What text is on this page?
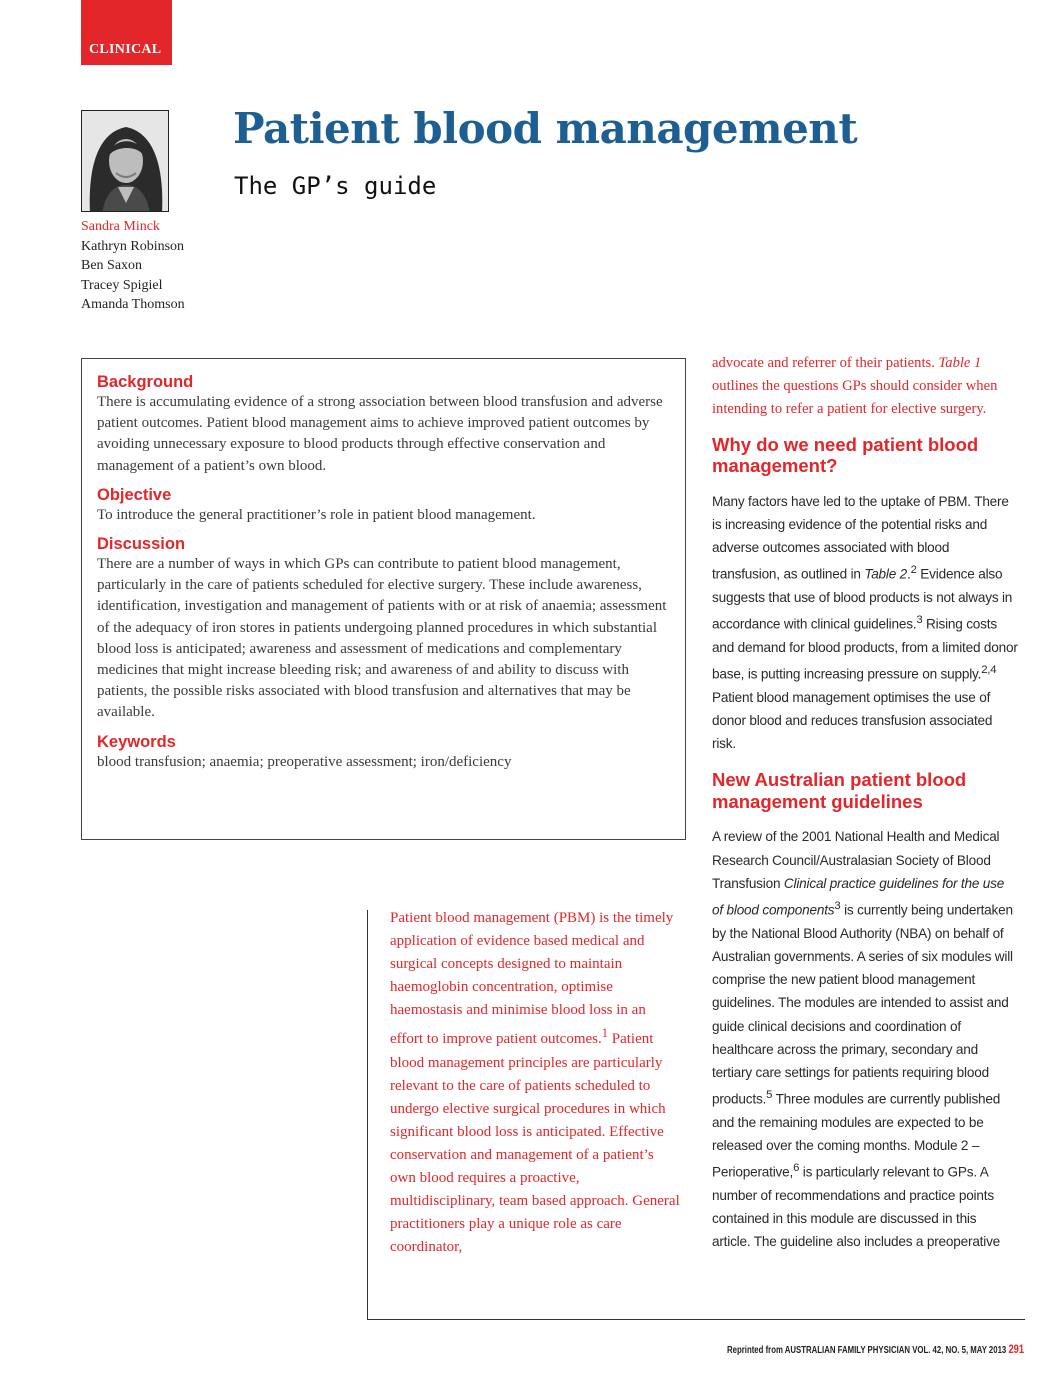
CLINICAL
Patient blood management
The GP’s guide
Sandra Minck
Kathryn Robinson
Ben Saxon
Tracey Spigiel
Amanda Thomson
Background

There is accumulating evidence of a strong association between blood transfusion and adverse patient outcomes. Patient blood management aims to achieve improved patient outcomes by avoiding unnecessary exposure to blood products through effective conservation and management of a patient’s own blood.

Objective

To introduce the general practitioner’s role in patient blood management.

Discussion

There are a number of ways in which GPs can contribute to patient blood management, particularly in the care of patients scheduled for elective surgery. These include awareness, identification, investigation and management of patients with or at risk of anaemia; assessment of the adequacy of iron stores in patients undergoing planned procedures in which substantial blood loss is anticipated; awareness and assessment of medications and complementary medicines that might increase bleeding risk; and awareness of and ability to discuss with patients, the possible risks associated with blood transfusion and alternatives that may be available.

Keywords

blood transfusion; anaemia; preoperative assessment; iron/deficiency

Patient blood management (PBM) is the timely application of evidence based medical and surgical concepts designed to maintain haemoglobin concentration, optimise haemostasis and minimise blood loss in an effort to improve patient outcomes.$^1$ Patient blood management principles are particularly relevant to the care of patients scheduled to undergo elective surgical procedures in which significant blood loss is anticipated. Effective conservation and management of a patient’s own blood requires a proactive, multidisciplinary, team based approach. General practitioners play a unique role as care coordinator,
advocate and referrer of their patients. Table 1 outlines the questions GPs should consider when intending to refer a patient for elective surgery.
Why do we need patient blood management?
Many factors have led to the uptake of PBM. There is increasing evidence of the potential risks and adverse outcomes associated with blood transfusion, as outlined in Table 2.$^2$ Evidence also suggests that use of blood products is not always in accordance with clinical guidelines.$^3$ Rising costs and demand for blood products, from a limited donor base, is putting increasing pressure on supply.$^{2,4}$ Patient blood management optimises the use of donor blood and reduces transfusion associated risk.
New Australian patient blood management guidelines
A review of the 2001 National Health and Medical Research Council/Australasian Society of Blood Transfusion Clinical practice guidelines for the use of blood components$^3$ is currently being undertaken by the National Blood Authority (NBA) on behalf of Australian governments. A series of six modules will comprise the new patient blood management guidelines. The modules are intended to assist and guide clinical decisions and coordination of healthcare across the primary, secondary and tertiary care settings for patients requiring blood products.$^5$ Three modules are currently published and the remaining modules are expected to be released over the coming months. Module 2 – Perioperative,$^6$ is particularly relevant to GPs. A number of recommendations and practice points contained in this module are discussed in this article. The guideline also includes a preoperative
Reprinted from AUSTRALIAN FAMILY PHYSICIAN VOL. 42, NO. 5, MAY 2013 291
